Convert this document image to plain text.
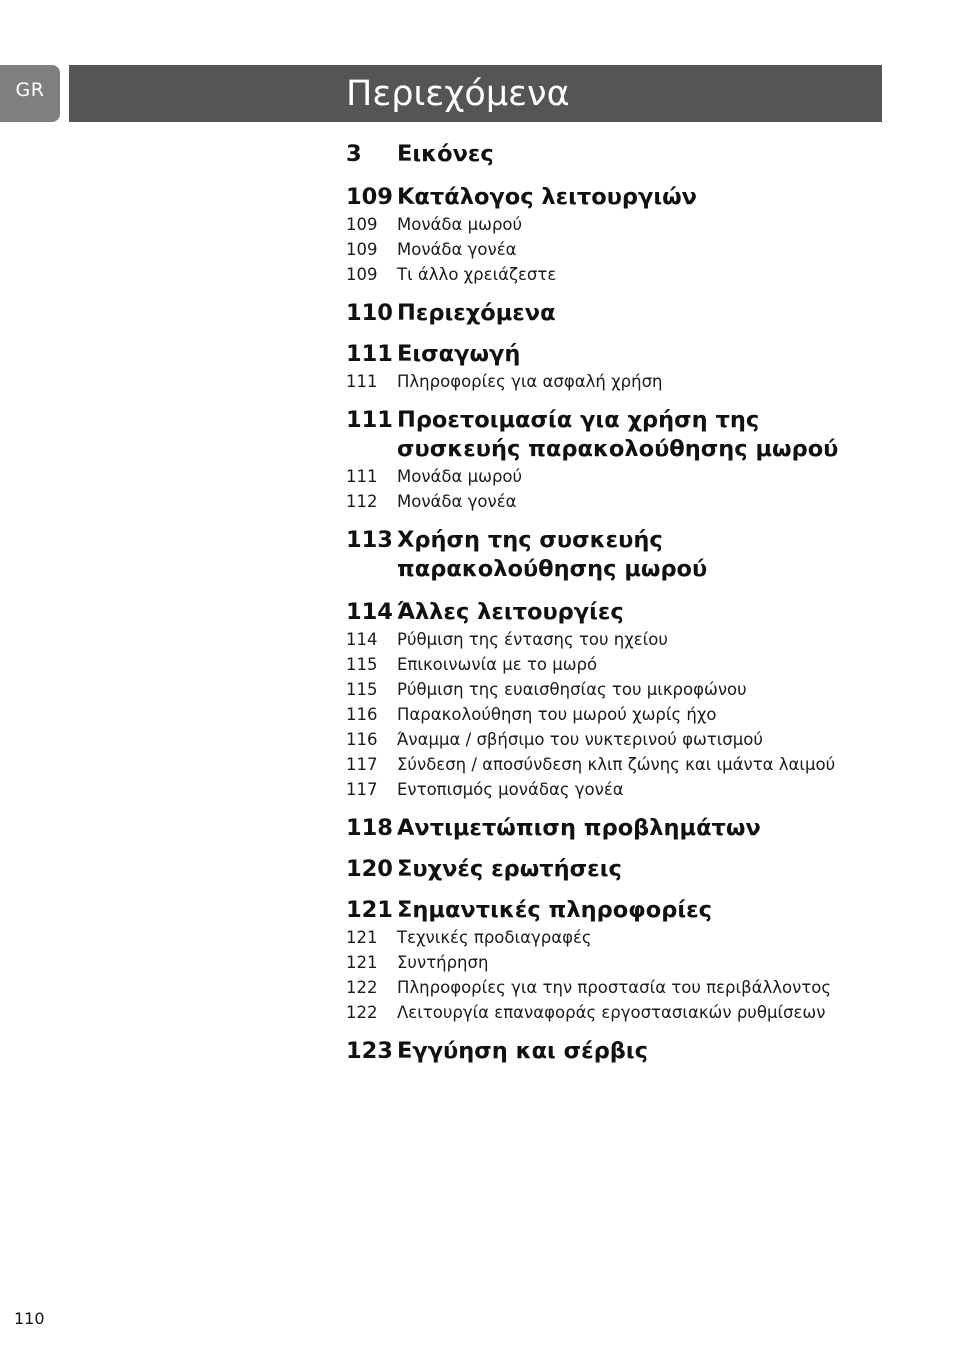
GR	Περιεχόμενα
3	Εικόνες
109 Κατάλογος λειτουργιών
109	Μονάδα μωρού
109	Μονάδα γονέα
109	Τι άλλο χρειάζεστε
110 Περιεχόμενα
111 Εισαγωγή
111	Πληροφορίες για ασφαλή χρήση
111 Προετοιμασία για χρήση της συσκευής παρακολούθησης μωρού
111	Μονάδα μωρού
112	Μονάδα γονέα
113 Χρήση της συσκευής παρακολούθησης μωρού
114 Άλλες λειτουργίες
114	Ρύθμιση της έντασης του ηχείου
115	Επικοινωνία με το μωρό
115	Ρύθμιση της ευαισθησίας του μικροφώνου
116	Παρακολούθηση του μωρού χωρίς ήχο
116	Άναμμα / σβήσιμο του νυκτερινού φωτισμού
117	Σύνδεση / αποσύνδεση κλιπ ζώνης και ιμάντα λαιμού
117	Εντοπισμός μονάδας γονέα
118 Αντιμετώπιση προβλημάτων
120 Συχνές ερωτήσεις
121 Σημαντικές πληροφορίες
121	Τεχνικές προδιαγραφές
121	Συντήρηση
122	Πληροφορίες για την προστασία του περιβάλλοντος
122	Λειτουργία επαναφοράς εργοστασιακών ρυθμίσεων
123 Εγγύηση και σέρβις
110
